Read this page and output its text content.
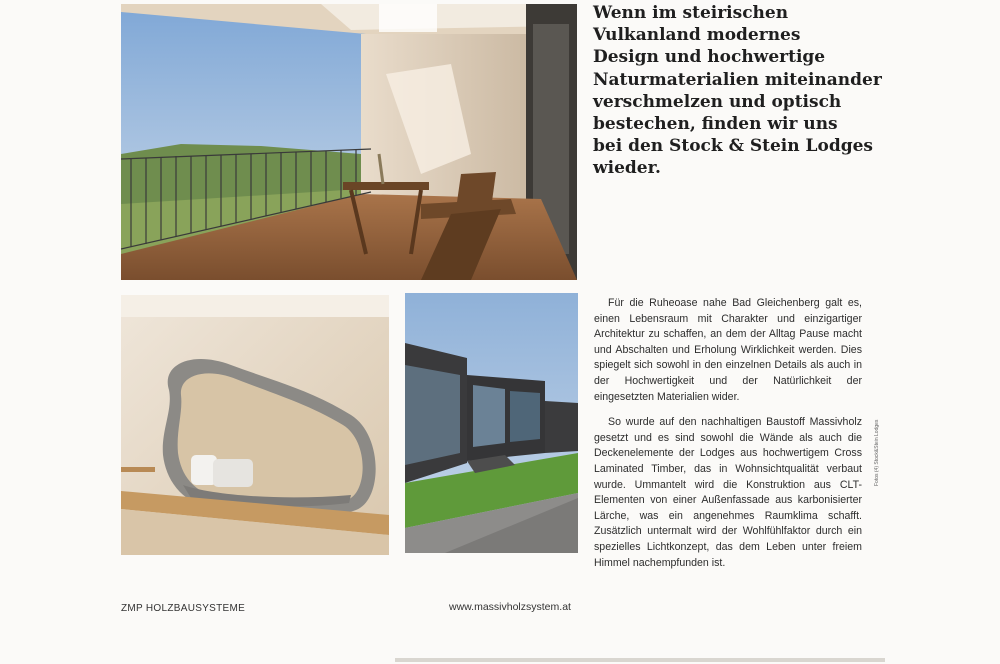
Wenn im steirischen
Vulkanland modernes
Design und hochwertige
Naturmaterialien miteinander
verschmelzen und optisch
bestechen, finden wir uns
bei den Stock & Stein Lodges
wieder.

Für die Ruheoase nahe Bad Gleichenberg galt es, einen Lebensraum mit Charakter und einzigartiger Architektur zu schaffen, an dem der Alltag Pause macht und Abschalten und Erholung Wirklichkeit werden. Dies spiegelt sich sowohl in den einzelnen Details als auch in der Hochwertigkeit und der Natürlichkeit der eingesetzten Materialien wider.

So wurde auf den nachhaltigen Baustoff Massivholz gesetzt und es sind sowohl die Wände als auch die Deckenelemente der Lodges aus hochwertigem Cross Laminated Timber, das in Wohnsichtqualität verbaut wurde. Ummantelt wird die Konstruktion aus CLT-Elementen von einer Außenfassade aus karbonisierter Lärche, was ein angenehmes Raumklima schafft. Zusätzlich untermalt wird der Wohlfühlfaktor durch ein spezielles Lichtkonzept, das dem Leben unter freiem Himmel nachempfunden ist.

Fotos (4) Stock&Stein Lodges
ZMP HOLZBAUSYSTEME	www.massivholzsystem.at
